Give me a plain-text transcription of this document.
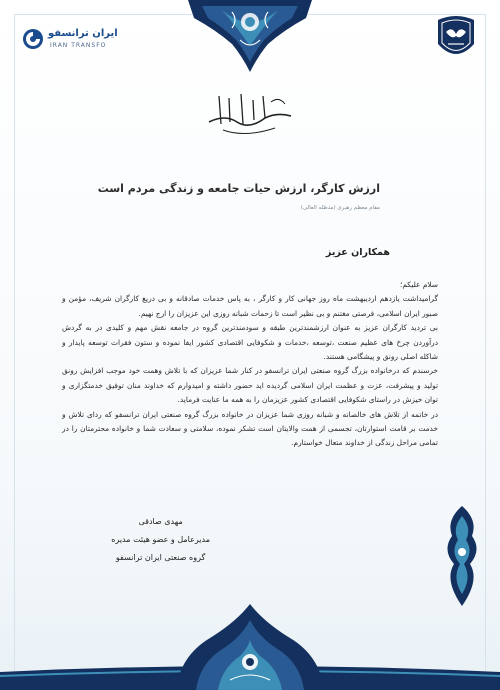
ایران ترانسفو
IRAN TRANSFO
ارزش کارگر، ارزش حیات جامعه و زندگی مردم است
مقام معظم رهبری (مدظله العالی)
همکاران عزیز

سلام علیکم؛

گرامیداشت یازدهم اردیبهشت ماه روز جهانی کار و کارگر ، به پاس خدمات صادقانه و بی دریغ کارگران شریف، مؤمن و صبور ایران اسلامی، فرصتی مغتنم و بی نظیر است تا زحمات شبانه روزی این عزیزان را ارج نهیم.

بی تردید کارگران عزیز به عنوان ارزشمندترین طبقه و سودمندترین گروه در جامعه نقش مهم و کلیدی در به گردش درآوردن چرخ های عظیم صنعت ،توسعه ،خدمات و شکوفایی اقتصادی کشور ایفا نموده و ستون فقرات توسعه پایدار و شاکله اصلی رونق و پیشگامی هستند.

خرسندم که درخانواده بزرگ گروه صنعتی ایران ترانسفو در کنار شما عزیزان که با تلاش وهمت خود موجب افزایش رونق تولید و پیشرفت، عزت و عظمت ایران اسلامی گردیده اید حضور داشته و امیدوارم که خداوند منان توفیق خدمتگزاری و توان خیزش در راستای شکوفایی اقتصادی کشور عزیزمان را به همه ما عنایت فرماید.

در خاتمه از تلاش های خالصانه و شبانه روزی شما عزیزان در خانواده بزرگ گروه صنعتی ایران ترانسفو که ردای تلاش و خدمت بر قامت استوارتان، تجسمی از همت والایتان است تشکر نموده، سلامتی و سعادت شما و خانواده محترمتان را در تمامی مراحل زندگی از خداوند متعال خواستارم.

مهدی صادقی
مدیرعامل و عضو هیئت مدیره
گروه صنعتی ایران ترانسفو
